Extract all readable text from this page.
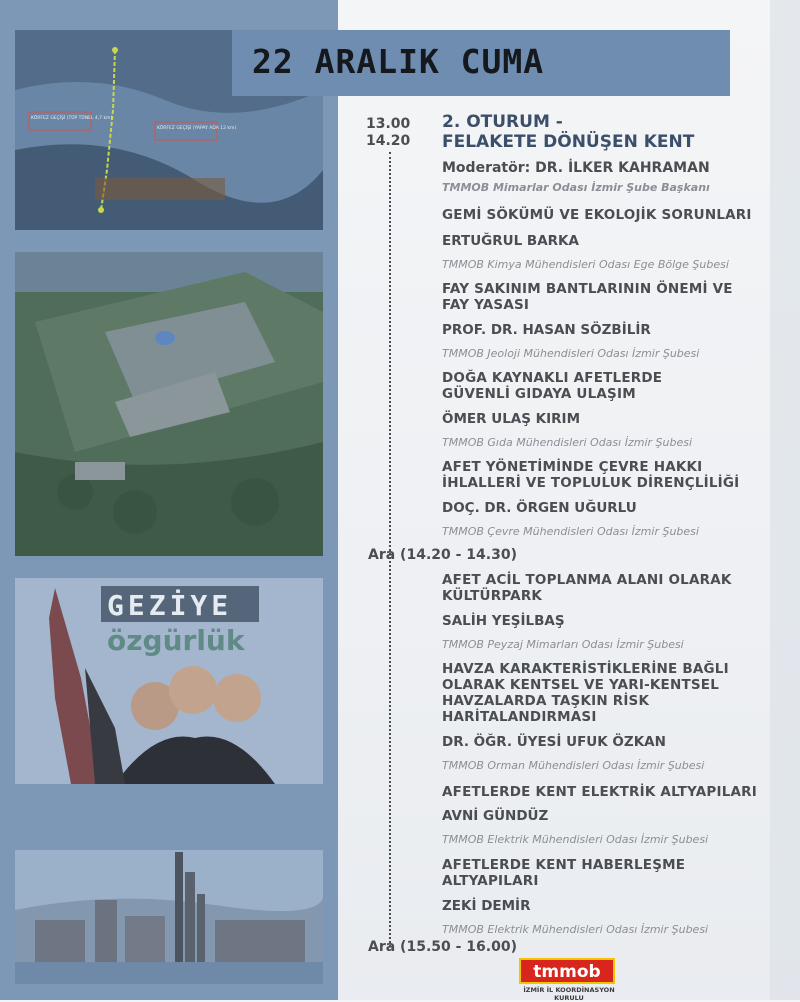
KÖRFEZ GEÇİŞİ (TÜP TÜNEL 4,7 km)
KÖRFEZ GEÇİŞİ (YAPAY ADA 12 km)
GEZİYE
özgürlük
22 ARALIK CUMA
13.00
14.20
2. OTURUM -
FELAKETE DÖNÜŞEN KENT
Moderatör: DR. İLKER KAHRAMAN
TMMOB Mimarlar Odası İzmir Şube Başkanı
GEMİ SÖKÜMÜ VE EKOLOJİK SORUNLARI
ERTUĞRUL BARKA
TMMOB Kimya Mühendisleri Odası Ege Bölge Şubesi
FAY SAKINIM BANTLARININ ÖNEMİ VE
FAY YASASI
PROF. DR. HASAN SÖZBİLİR
TMMOB Jeoloji Mühendisleri Odası İzmir Şubesi
DOĞA KAYNAKLI AFETLERDE
GÜVENLİ GIDAYA ULAŞIM
ÖMER ULAŞ KIRIM
TMMOB Gıda Mühendisleri Odası İzmir Şubesi
AFET YÖNETİMİNDE ÇEVRE HAKKI
İHLALLERİ VE TOPLULUK DİRENÇLİLİĞİ
DOÇ. DR. ÖRGEN UĞURLU
TMMOB Çevre Mühendisleri Odası İzmir Şubesi
Ara (14.20 - 14.30)
AFET ACİL TOPLANMA ALANI OLARAK
KÜLTÜRPARK
SALİH YEŞİLBAŞ
TMMOB Peyzaj Mimarları Odası İzmir Şubesi
HAVZA KARAKTERİSTİKLERİNE BAĞLI
OLARAK KENTSEL VE YARI-KENTSEL
HAVZALARDA TAŞKIN RİSK
HARİTALANDIRMASI
DR. ÖĞR. ÜYESİ UFUK ÖZKAN
TMMOB Orman Mühendisleri Odası İzmir Şubesi
AFETLERDE KENT ELEKTRİK ALTYAPILARI
AVNİ GÜNDÜZ
TMMOB Elektrik Mühendisleri Odası İzmir Şubesi
AFETLERDE KENT HABERLEŞME
ALTYAPILARI
ZEKİ DEMİR
TMMOB Elektrik Mühendisleri Odası İzmir Şubesi
Ara (15.50 - 16.00)
tmmob
İZMİR İL KOORDİNASYON KURULU
